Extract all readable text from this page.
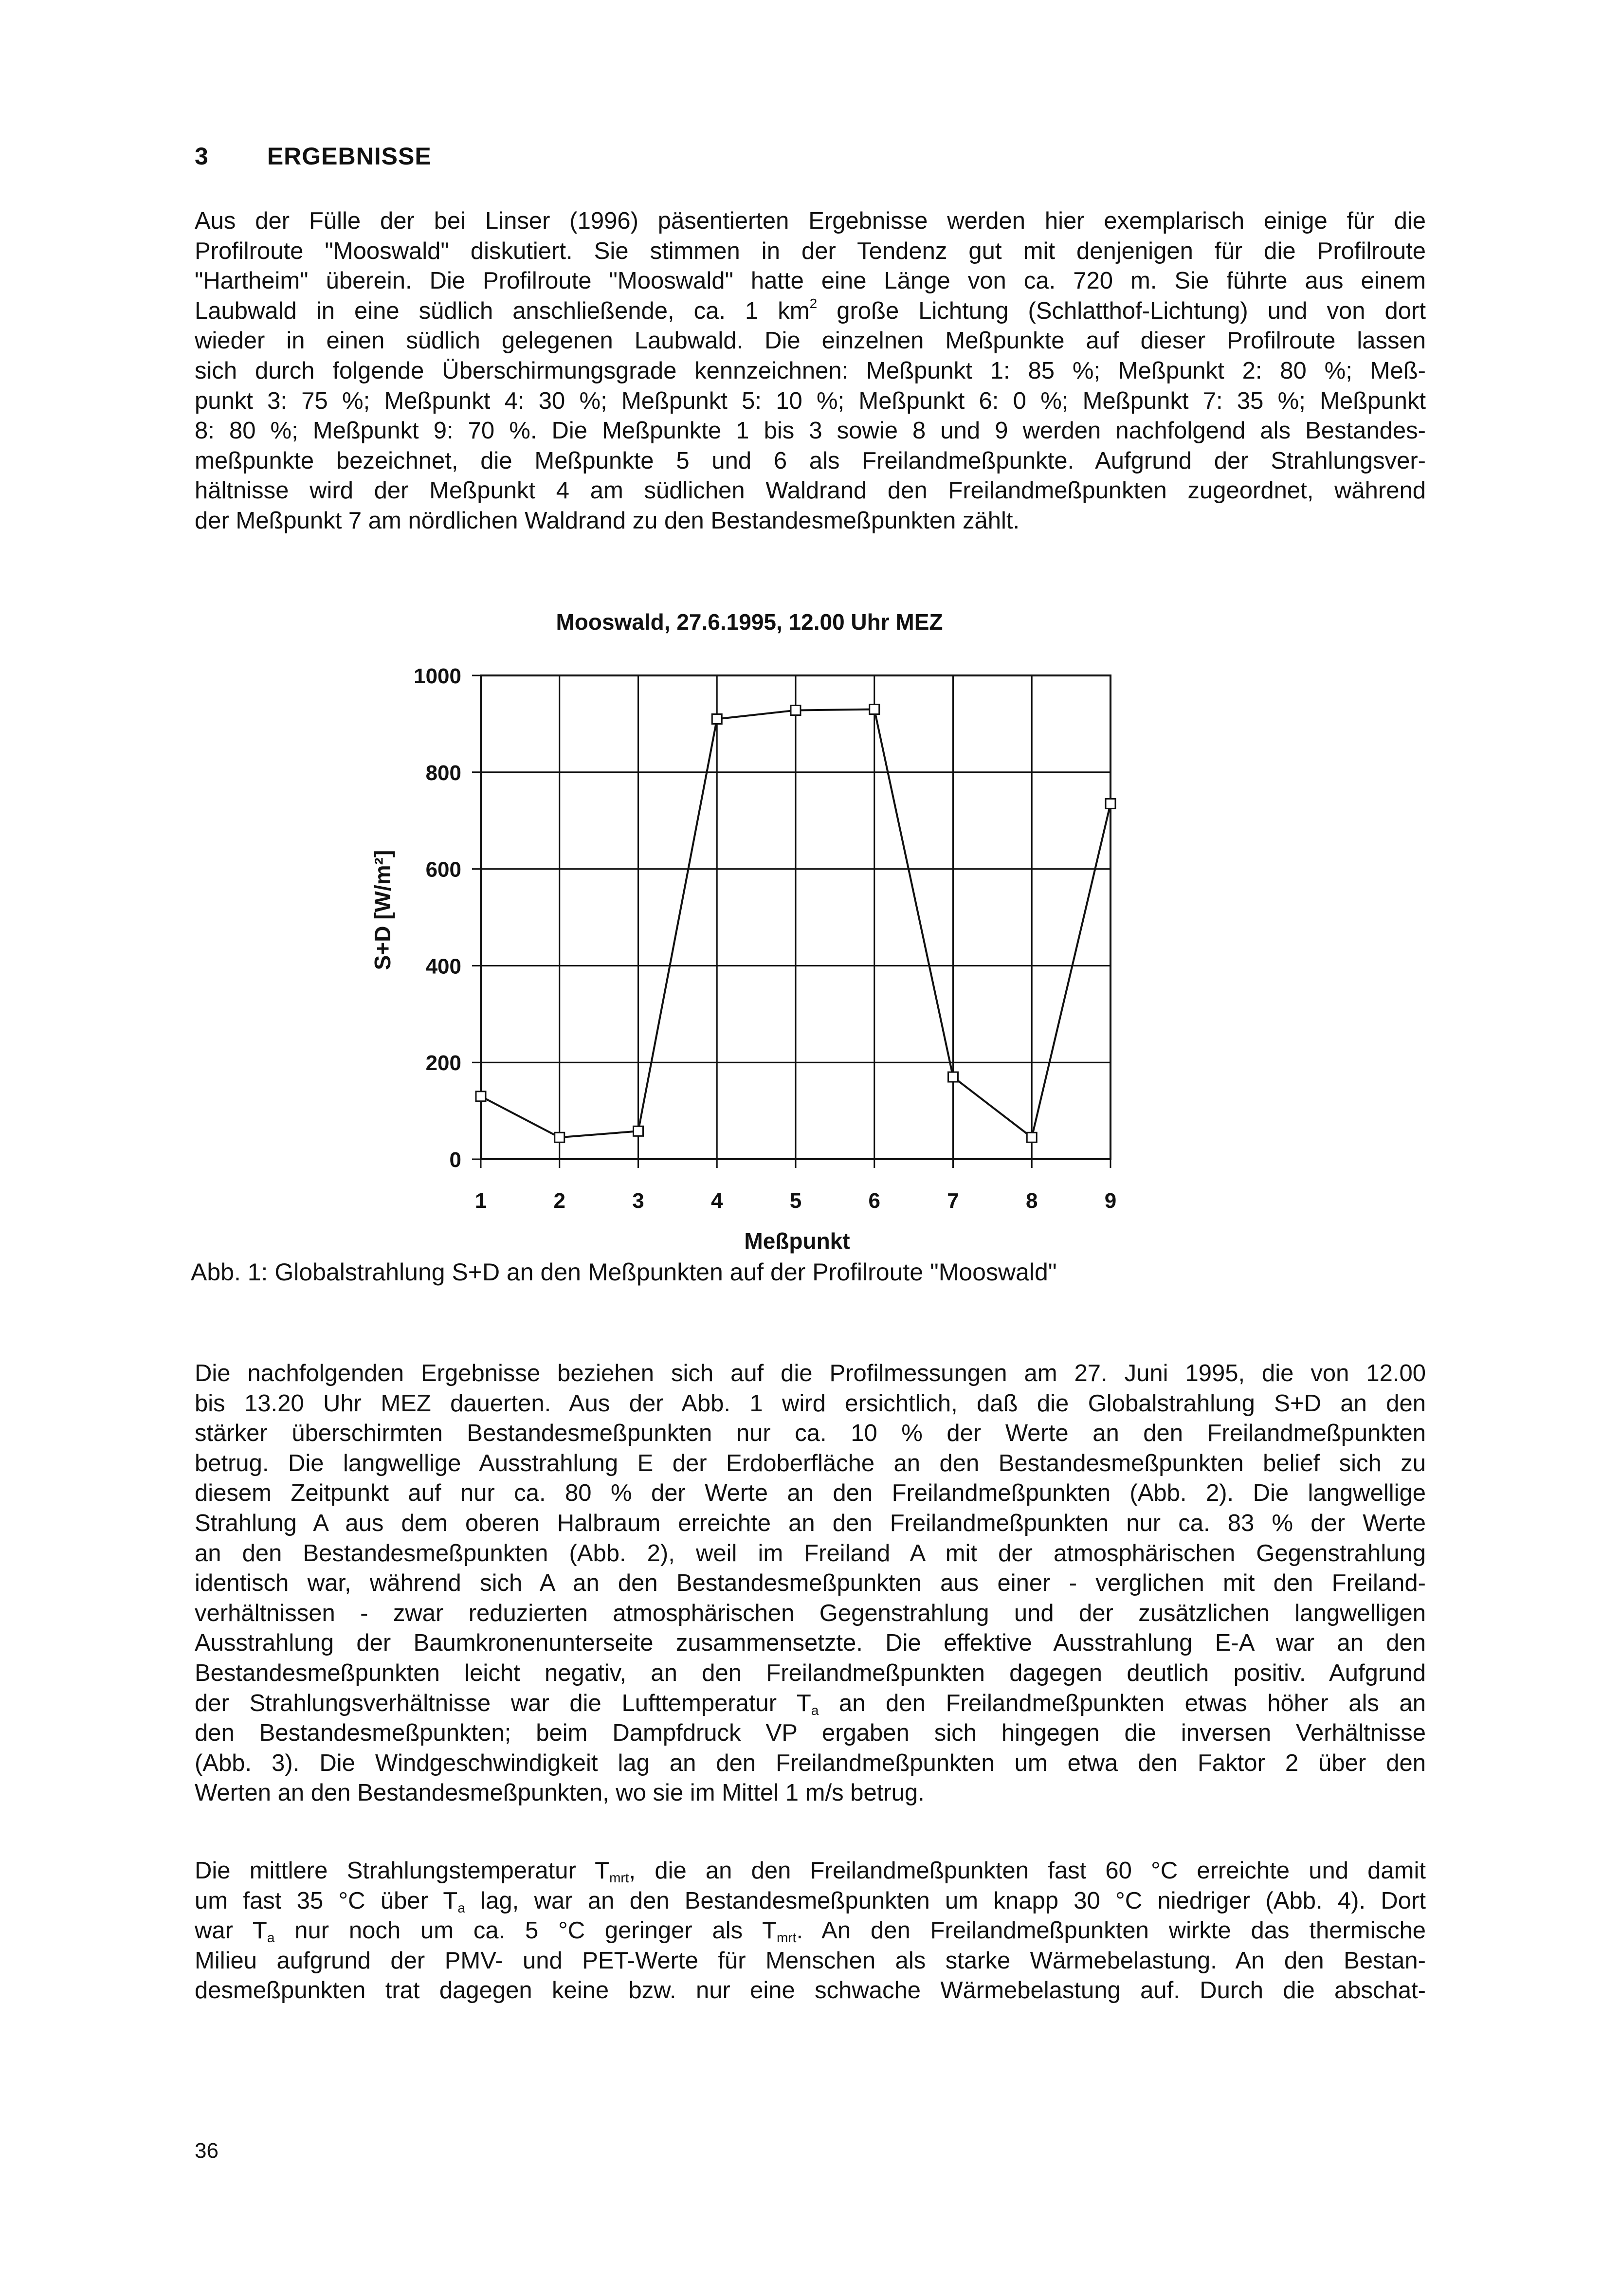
3 ERGEBNISSE
Aus der Fülle der bei Linser (1996) päsentierten Ergebnisse werden hier exemplarisch einige für die
Profilroute "Mooswald" diskutiert. Sie stimmen in der Tendenz gut mit denjenigen für die Profilroute
"Hartheim" überein. Die Profilroute "Mooswald" hatte eine Länge von ca. 720 m. Sie führte aus einem
Laubwald in eine südlich anschließende, ca. 1 $km^2$ große Lichtung (Schlatthof-Lichtung) und von dort
wieder in einen südlich gelegenen Laubwald. Die einzelnen Meßpunkte auf dieser Profilroute lassen
sich durch folgende Überschirmungsgrade kennzeichnen: Meßpunkt 1: 85 %; Meßpunkt 2: 80 %; Meß-
punkt 3: 75 %; Meßpunkt 4: 30 %; Meßpunkt 5: 10 %; Meßpunkt 6: 0 %; Meßpunkt 7: 35 %; Meßpunkt
8: 80 %; Meßpunkt 9: 70 %. Die Meßpunkte 1 bis 3 sowie 8 und 9 werden nachfolgend als Bestandes-
meßpunkte bezeichnet, die Meßpunkte 5 und 6 als Freilandmeßpunkte. Aufgrund der Strahlungsver-
hältnisse wird der Meßpunkt 4 am südlichen Waldrand den Freilandmeßpunkten zugeordnet, während
der Meßpunkt 7 am nördlichen Waldrand zu den Bestandesmeßpunkten zählt.
Mooswald, 27.6.1995, 12.00 Uhr MEZ
0
200
400
600
800
1000
1	2	3	4	5	6	7	8	9
S+D [W/m²]
Meßpunkt
Abb. 1: Globalstrahlung S+D an den Meßpunkten auf der Profilroute "Mooswald"
Die nachfolgenden Ergebnisse beziehen sich auf die Profilmessungen am 27. Juni 1995, die von 12.00
bis 13.20 Uhr MEZ dauerten. Aus der Abb. 1 wird ersichtlich, daß die Globalstrahlung S+D an den
stärker überschirmten Bestandesmeßpunkten nur ca. 10 % der Werte an den Freilandmeßpunkten
betrug. Die langwellige Ausstrahlung E der Erdoberfläche an den Bestandesmeßpunkten belief sich zu
diesem Zeitpunkt auf nur ca. 80 % der Werte an den Freilandmeßpunkten (Abb. 2). Die langwellige
Strahlung A aus dem oberen Halbraum erreichte an den Freilandmeßpunkten nur ca. 83 % der Werte
an den Bestandesmeßpunkten (Abb. 2), weil im Freiland A mit der atmosphärischen Gegenstrahlung
identisch war, während sich A an den Bestandesmeßpunkten aus einer - verglichen mit den Freiland-
verhältnissen - zwar reduzierten atmosphärischen Gegenstrahlung und der zusätzlichen langwelligen
Ausstrahlung der Baumkronenunterseite zusammensetzte. Die effektive Ausstrahlung E-A war an den
Bestandesmeßpunkten leicht negativ, an den Freilandmeßpunkten dagegen deutlich positiv. Aufgrund
der Strahlungsverhältnisse war die Lufttemperatur $T_a$ an den Freilandmeßpunkten etwas höher als an
den Bestandesmeßpunkten; beim Dampfdruck VP ergaben sich hingegen die inversen Verhältnisse
(Abb. 3). Die Windgeschwindigkeit lag an den Freilandmeßpunkten um etwa den Faktor 2 über den
Werten an den Bestandesmeßpunkten, wo sie im Mittel 1 m/s betrug.
Die mittlere Strahlungstemperatur $T_{mrt}$, die an den Freilandmeßpunkten fast 60 °C erreichte und damit
um fast 35 °C über $T_a$ lag, war an den Bestandesmeßpunkten um knapp 30 °C niedriger (Abb. 4). Dort
war $T_a$ nur noch um ca. 5 °C geringer als $T_{mrt}$. An den Freilandmeßpunkten wirkte das thermische
Milieu aufgrund der PMV- und PET-Werte für Menschen als starke Wärmebelastung. An den Bestan-
desmeßpunkten trat dagegen keine bzw. nur eine schwache Wärmebelastung auf. Durch die abschat-
36
